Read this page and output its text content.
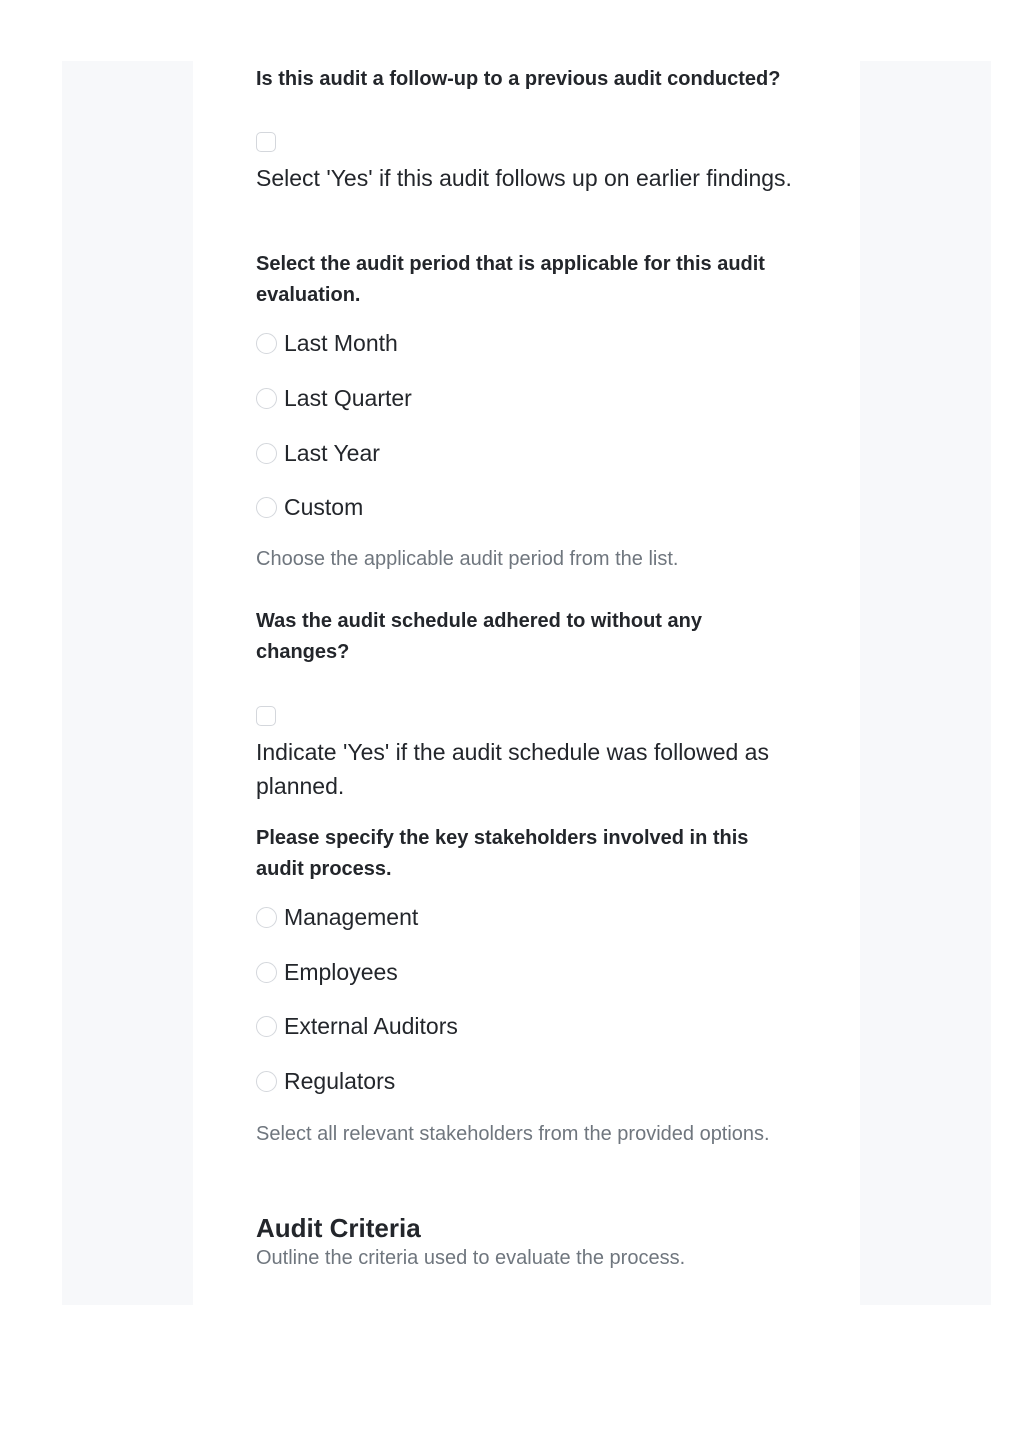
Is this audit a follow-up to a previous audit conducted?
Select 'Yes' if this audit follows up on earlier findings.
Select the audit period that is applicable for this audit evaluation.
Last Month
Last Quarter
Last Year
Custom
Choose the applicable audit period from the list.
Was the audit schedule adhered to without any changes?
Indicate 'Yes' if the audit schedule was followed as planned.
Please specify the key stakeholders involved in this audit process.
Management
Employees
External Auditors
Regulators
Select all relevant stakeholders from the provided options.
Audit Criteria
Outline the criteria used to evaluate the process.
